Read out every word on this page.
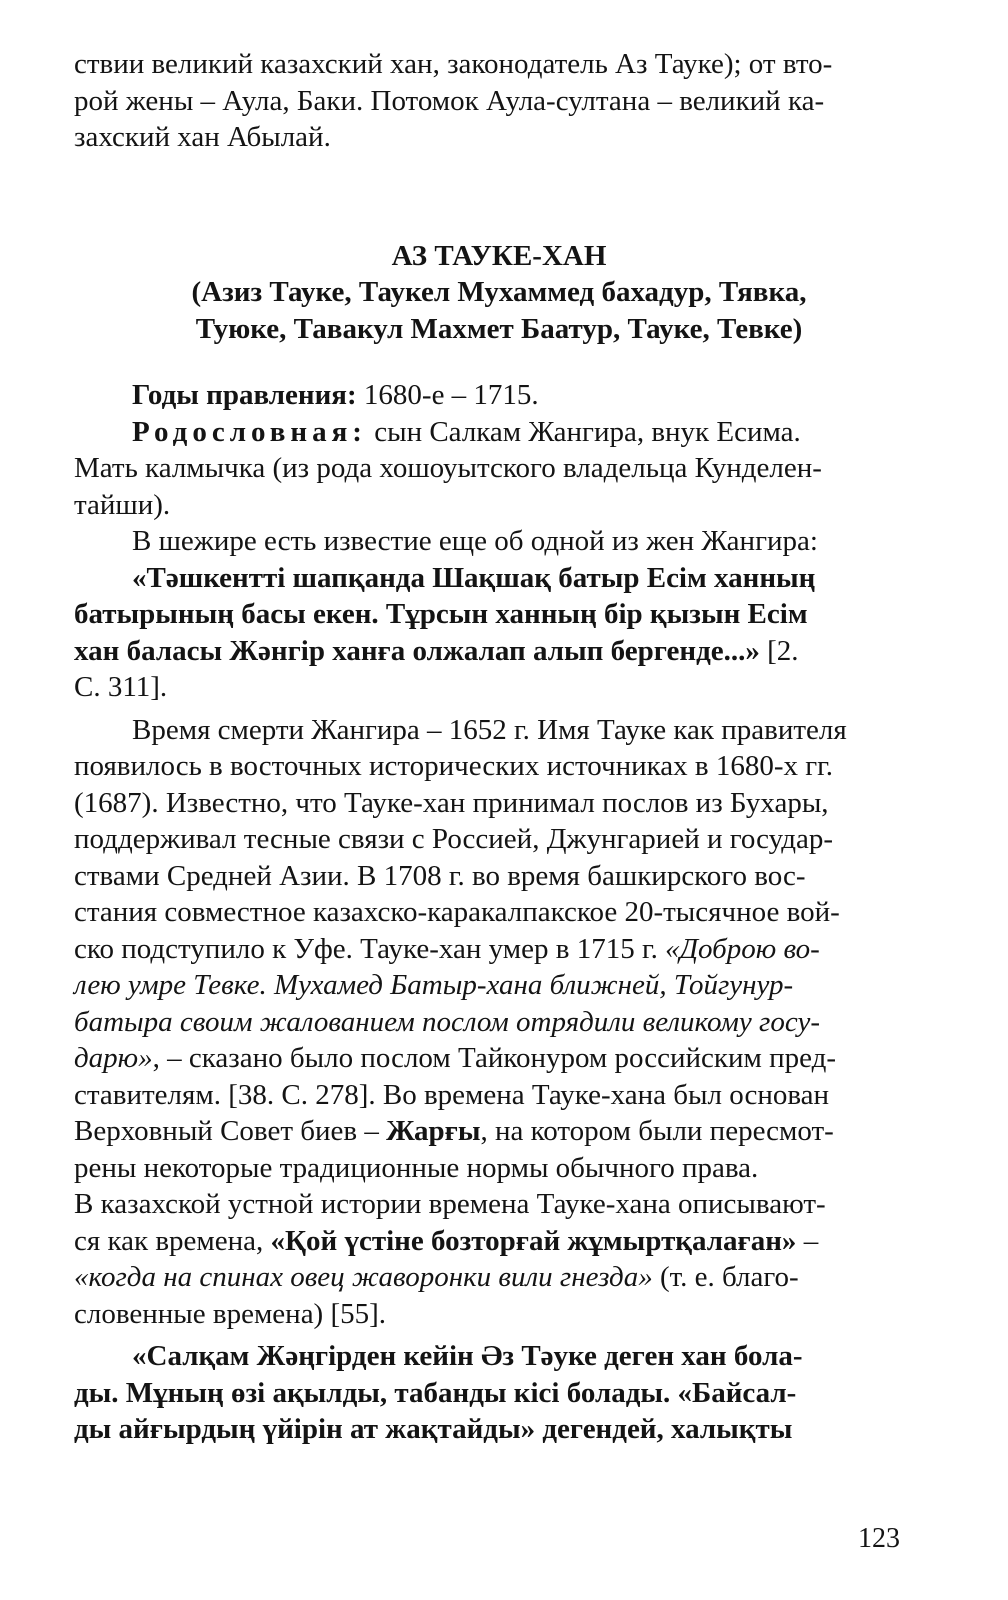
ствии великий казахский хан, законодатель Аз Тауке); от вто-

рой жены – Аула, Баки. Потомок Аула-султана – великий ка-

захский хан Абылай.

АЗ ТАУКЕ-ХАН
(Азиз Тауке, Таукел Мухаммед бахадур, Тявка,
Туюке, Тавакул Махмет Баатур, Тауке, Тевке)

Годы правления: 1680-е – 1715.

Родословная: сын Салкам Жангира, внук Есима.

Мать калмычка (из рода хошоуытского владельца Кунделен-

тайши).

В шежире есть известие еще об одной из жен Жангира:

«Тәшкентті шапқанда Шақшақ батыр Есім ханның

батырының басы екен. Тұрсын ханның бір қызын Есім

хан баласы Жәнгір ханға олжалап алып бергенде...» [2.

С. 311].

Время смерти Жангира – 1652 г. Имя Тауке как правителя

появилось в восточных исторических источниках в 1680-х гг.

(1687). Известно, что Тауке-хан принимал послов из Бухары,

поддерживал тесные связи с Россией, Джунгарией и государ-

ствами Средней Азии. В 1708 г. во время башкирского вос-

стания совместное казахско-каракалпакское 20-тысячное вой-

ско подступило к Уфе. Тауке-хан умер в 1715 г. «Доброю во-

лею умре Тевке. Мухамед Батыр-хана ближней, Тойгунур-

батыра своим жалованием послом отрядили великому госу-

дарю», – сказано было послом Тайконуром российским пред-

ставителям. [38. С. 278]. Во времена Тауке-хана был основан

Верховный Совет биев – Жарғы, на котором были пересмот-

рены некоторые традиционные нормы обычного права.

В казахской устной истории времена Тауке-хана описывают-

ся как времена, «Қой үстіне бозторғай жұмыртқалаған» –

«когда на спинах овец жаворонки вили гнезда» (т. е. благо-

словенные времена) [55].

«Салқам Жәңгірден кейін Әз Тәуке деген хан бола-

ды. Мұның өзі ақылды, табанды кісі болады. «Байсал-

ды айғырдың үйірін ат жақтайды» дегендей, халықты

123
